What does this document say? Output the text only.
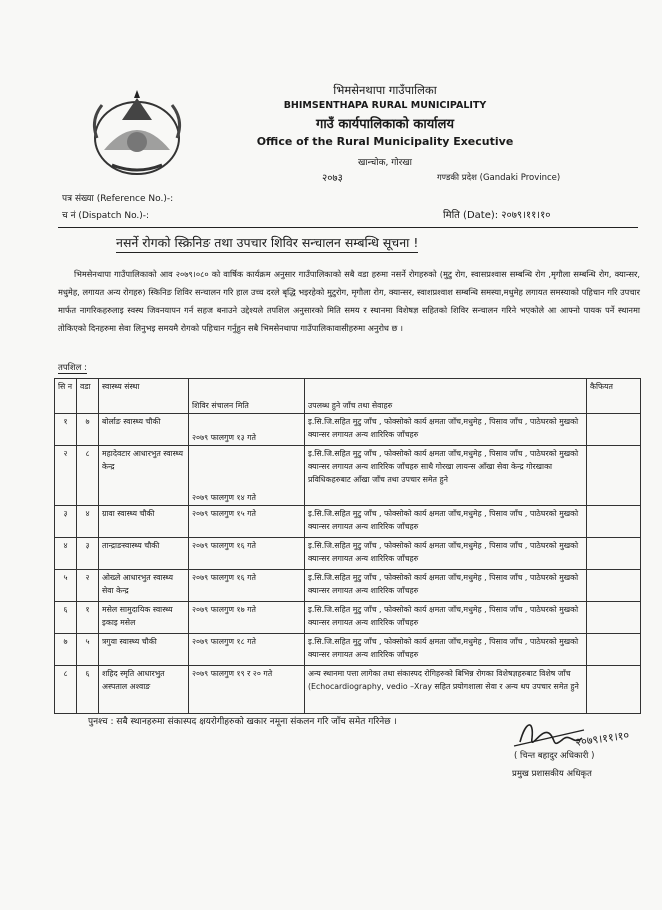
भिमसेनथापा गाउँपालिका
BHIMSENTHAPA RURAL MUNICIPALITY
गाउँ कार्यपालिकाको कार्यालय
Office of the Rural Municipality Executive
खान्चोक, गोरखा
२०७३	गण्डकी प्रदेश (Gandaki Province)
पत्र संख्या (Reference No.)-:
च नं (Dispatch No.)-:	मिति (Date): २०७९।११।१०
नसर्ने रोगको स्क्रिनिङ तथा उपचार शिविर सन्चालन सम्बन्धि सूचना !
भिमसेनथापा गाउँपालिकाको आव २०७९।०८० को वार्षिक कार्यक्रम अनुसार गाउँपालिकाको सबै वडा हरुमा नसर्ने रोगहरुको (मुटु रोग, स्वासप्रश्वास सम्बन्धि रोग ,मृगौला सम्बन्धि रोग, क्यान्सर, मधुमेह, लगायत अन्य रोगहरु) स्किनिङ शिविर सन्चालन गरि हाल उच्च दरले बृद्धि भइरहेको मुटुरोग, मृगौला रोग, क्यान्सर, स्वाशप्रश्वाश सम्बन्धि समस्या,मधुमेह लगायत समस्याको पहिचान गरि उपचार मार्फत नागरिकहरुलाइ स्वस्थ जिवनयापन गर्न सहज बनाउने उद्देश्यले तपशिल अनुसारको मिति समय र स्थानमा विशेषज्ञ सहितको शिविर सन्चालन गरिने भएकोले आ आफ्नो पायक पर्ने स्थानमा तोकिएको दिनहरुमा सेवा लिनुभइ समयमै रोगको पहिचान गर्नुहुन सबै भिमसेनथापा गाउँपालिकावासीहरुमा अनुरोध छ ।
तपशिल :
सि न	वडा	स्वास्थ्य संस्था	शिविर संचालन मिति	उपलब्ध हुने जाँच तथा सेवाहरु	कैफियत
१	७	बोर्लाङ स्वास्थ्य चौकी	२०७९ फालगुण १३ गते	इ.सि.जि.सहित मुटु जाँच , फोक्सोको कार्य क्षमता जाँच,मधुमेह , पिसाव जाँच , पाठेघरको मुखको क्यान्सर लगायत अन्य शारिरिक जाँचहरु	
२	८	महादेवटार आधारभुत स्वास्थ्य केन्द्र	२०७९ फालगुण १४ गते	इ.सि.जि.सहित मुटु जाँच , फोक्सोको कार्य क्षमता जाँच,मधुमेह , पिसाव जाँच , पाठेघरको मुखको क्यान्सर लगायत अन्य शारिरिक जाँचहरु साथै गोरखा लायन्स आँखा सेवा केन्द्र गोरखाका प्रविधिकहरुबाट आँखा जाँच तथा उपचार समेत हुने	
३	४	ग्रावा स्वास्थ्य चौकी	२०७९ फालगुण १५ गते	इ.सि.जि.सहित मुटु जाँच , फोक्सोको कार्य क्षमता जाँच,मधुमेह , पिसाव जाँच , पाठेघरको मुखको क्यान्सर लगायत अन्य शारिरिक जाँचहरु	
४	३	तान्द्राङस्वास्थ्य चौकी	२०७९ फालगुण १६ गते	इ.सि.जि.सहित मुटु जाँच , फोक्सोको कार्य क्षमता जाँच,मधुमेह , पिसाव जाँच , पाठेघरको मुखको क्यान्सर लगायत अन्य शारिरिक जाँचहरु	
५	२	ओख्ले आधारभुत स्वास्थ्य सेवा केन्द्र	२०७९ फालगुण १६ गते	इ.सि.जि.सहित मुटु जाँच , फोक्सोको कार्य क्षमता जाँच,मधुमेह , पिसाव जाँच , पाठेघरको मुखको क्यान्सर लगायत अन्य शारिरिक जाँचहरु	
६	१	मसेल सामुदायिक स्वास्थ्य इकाइ मसेल	२०७९ फालगुण १७ गते	इ.सि.जि.सहित मुटु जाँच , फोक्सोको कार्य क्षमता जाँच,मधुमेह , पिसाव जाँच , पाठेघरको मुखको क्यान्सर लगायत अन्य शारिरिक जाँचहरु	
७	५	त्रगुवा स्वास्थ्य चौकी	२०७९ फालगुण १८ गते	इ.सि.जि.सहित मुटु जाँच , फोक्सोको कार्य क्षमता जाँच,मधुमेह , पिसाव जाँच , पाठेघरको मुखको क्यान्सर लगायत अन्य शारिरिक जाँचहरु	
८	६	शहिद स्मृति आधारभुत अस्पताल अश्वाङ	२०७९ फालगुण १९ र २० गते	अन्य स्थानमा पत्ता लागेका तथा संकास्पद रोगिहरुको बिभिन्न रोगका विशेषज्ञहरुबाट विशेष जाँच (Echocardiography, vedio –Xray सहित प्रयोगशाला सेवा र अन्य थप उपचार समेत हुने	
पुनश्च : सबै स्थानहरुमा संकास्पद क्षयरोगीहरुको खकार नमूना संकलन गरि जाँच समेत गरिनेछ ।
२०७९।११।१०
( चिन्त बहादुर अधिकारी )
प्रमुख प्रशासकीय अधिकृत
